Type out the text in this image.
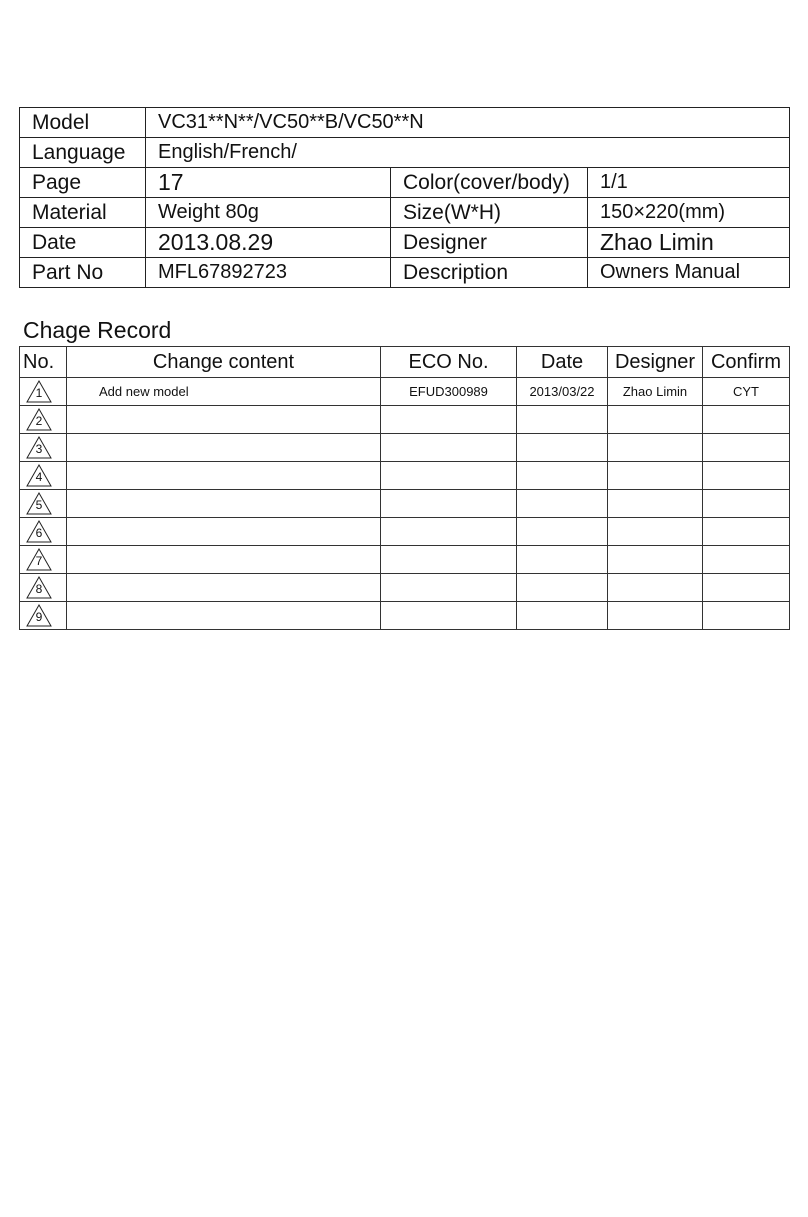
Model	VC31**N**/VC50**B/VC50**N		
Language	English/French/		
Page	17	Color(cover/body)	1/1
Material	Weight 80g	Size(W*H)	150×220(mm)
Date	2013.08.29	Designer	Zhao Limin
Part No	MFL67892723	Description	Owners Manual
Chage Record
No.	Change content	ECO No.	Date	Designer	Confirm

1	Add new model	EFUD300989	2013/03/22	Zhao Limin	CYT

2					

3					

4					

5					

6					

7					

8					

9					
